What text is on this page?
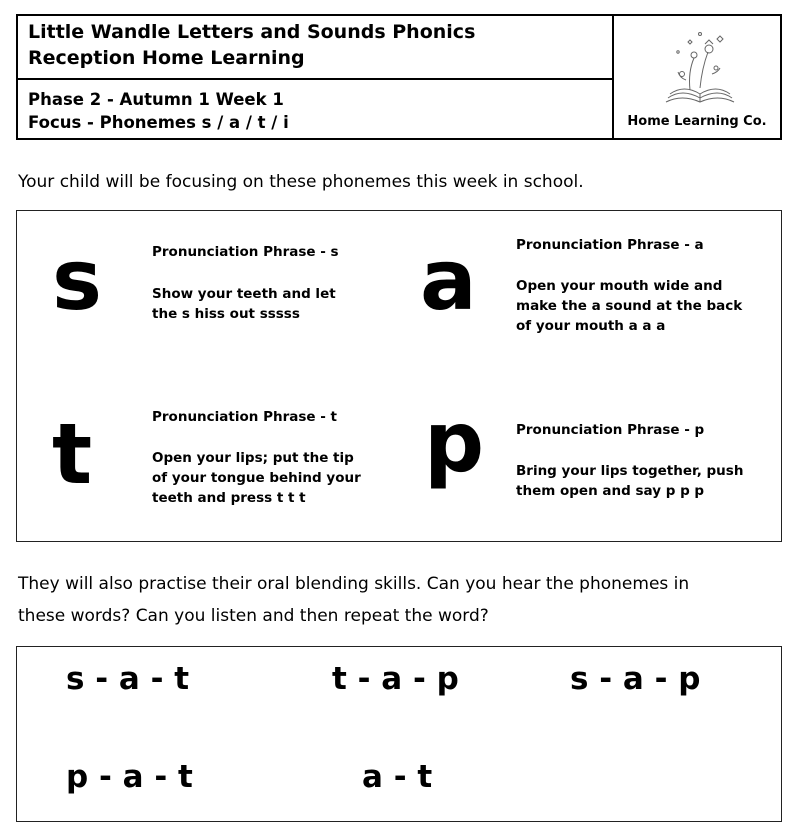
Little Wandle Letters and Sounds Phonics
Reception Home Learning
Phase 2 - Autumn 1 Week 1
Focus - Phonemes s / a / t / i	Home Learning Co.
Your child will be focusing on these phonemes this week in school.
s	Pronunciation Phrase - s
Show your teeth and let the s hiss out sssss	a	Pronunciation Phrase - a
Open your mouth wide and make the a sound at the back of your mouth a a a
t	Pronunciation Phrase - t
Open your lips; put the tip of your tongue behind your teeth and press t t t
p Pronunciation Phrase - p
Bring your lips together, push them open and say p p p
They will also practise their oral blending skills. Can you hear the phonemes in
these words? Can you listen and then repeat the word?
s - a - t	t - a - p	s - a - p
p - a - t	a - t
